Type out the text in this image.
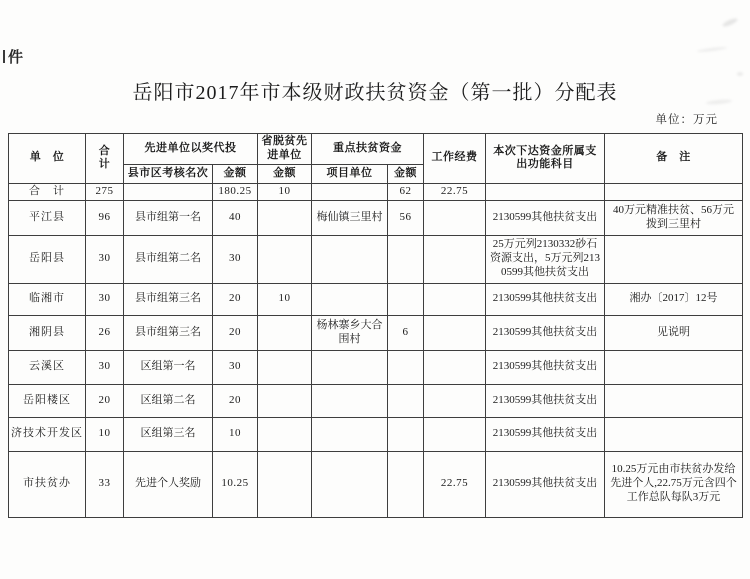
件
岳阳市2017年市本级财政扶贫资金（第一批）分配表
单位：万元
单　位	合　计	先进单位以奖代投		省脱贫先进单位	重点扶贫资金		工作经费	本次下达资金所属支出功能科目	备　注
		县市区考核名次	金额	金额	项目单位	金额			
合　计	275		180.25	10		62	22.75		
平江县	96	县市组第一名	40		梅仙镇三里村	56		2130599其他扶贫支出	40万元精准扶贫、56万元拨到三里村
岳阳县	30	县市组第二名	30					25万元列2130332砂石资源支出，5万元列2130599其他扶贫支出	
临湘市	30	县市组第三名	20	10				2130599其他扶贫支出	湘办〔2017〕12号
湘阴县	26	县市组第三名	20		杨林寨乡大合围村	6		2130599其他扶贫支出	见说明
云溪区	30	区组第一名	30					2130599其他扶贫支出	
岳阳楼区	20	区组第二名	20					2130599其他扶贫支出	
济技术开发区	10	区组第三名	10					2130599其他扶贫支出	
市扶贫办	33	先进个人奖励	10.25				22.75	2130599其他扶贫支出	10.25万元由市扶贫办发给先进个人,22.75万元含四个工作总队每队3万元
